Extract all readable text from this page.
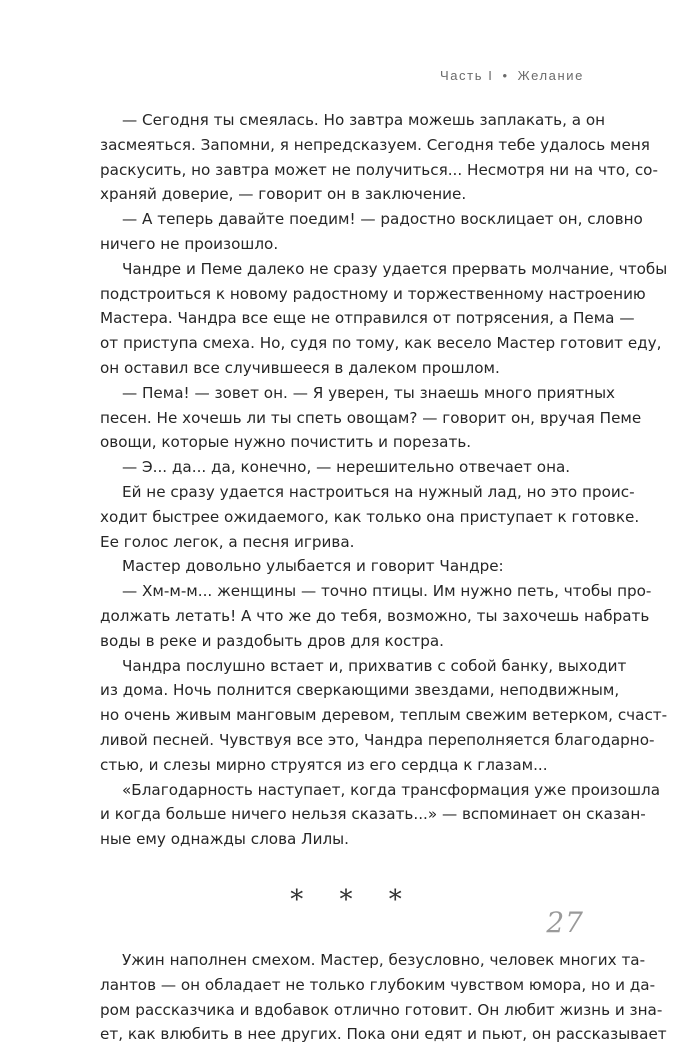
Часть I • Желание
— Сегодня ты смеялась. Но завтра можешь заплакать, а он
засмеяться. Запомни, я непредсказуем. Сегодня тебе удалось меня
раскусить, но завтра может не получиться... Несмотря ни на что, со-
храняй доверие, — говорит он в заключение.
— А теперь давайте поедим! — радостно восклицает он, словно
ничего не произошло.
Чандре и Пеме далеко не сразу удается прервать молчание, чтобы
подстроиться к новому радостному и торжественному настроению
Мастера. Чандра все еще не отправился от потрясения, а Пема —
от приступа смеха. Но, судя по тому, как весело Мастер готовит еду,
он оставил все случившееся в далеком прошлом.
— Пема! — зовет он. — Я уверен, ты знаешь много приятных
песен. Не хочешь ли ты спеть овощам? — говорит он, вручая Пеме
овощи, которые нужно почистить и порезать.
— Э... да... да, конечно, — нерешительно отвечает она.
Ей не сразу удается настроиться на нужный лад, но это проис-
ходит быстрее ожидаемого, как только она приступает к готовке.
Ее голос легок, а песня игрива.
Мастер довольно улыбается и говорит Чандре:
— Хм-м-м... женщины — точно птицы. Им нужно петь, чтобы про-
должать летать! А что же до тебя, возможно, ты захочешь набрать
воды в реке и раздобыть дров для костра.
Чандра послушно встает и, прихватив с собой банку, выходит
из дома. Ночь полнится сверкающими звездами, неподвижным,
но очень живым манговым деревом, теплым свежим ветерком, счаст-
ливой песней. Чувствуя все это, Чандра переполняется благодарно-
стью, и слезы мирно струятся из его сердца к глазам...
«Благодарность наступает, когда трансформация уже произошла
и когда больше ничего нельзя сказать...» — вспоминает он сказан-
ные ему однажды слова Лилы.
* * *
Ужин наполнен смехом. Мастер, безусловно, человек многих та-
лантов — он обладает не только глубоким чувством юмора, но и да-
ром рассказчика и вдобавок отлично готовит. Он любит жизнь и зна-
ет, как влюбить в нее других. Пока они едят и пьют, он рассказывает
27
